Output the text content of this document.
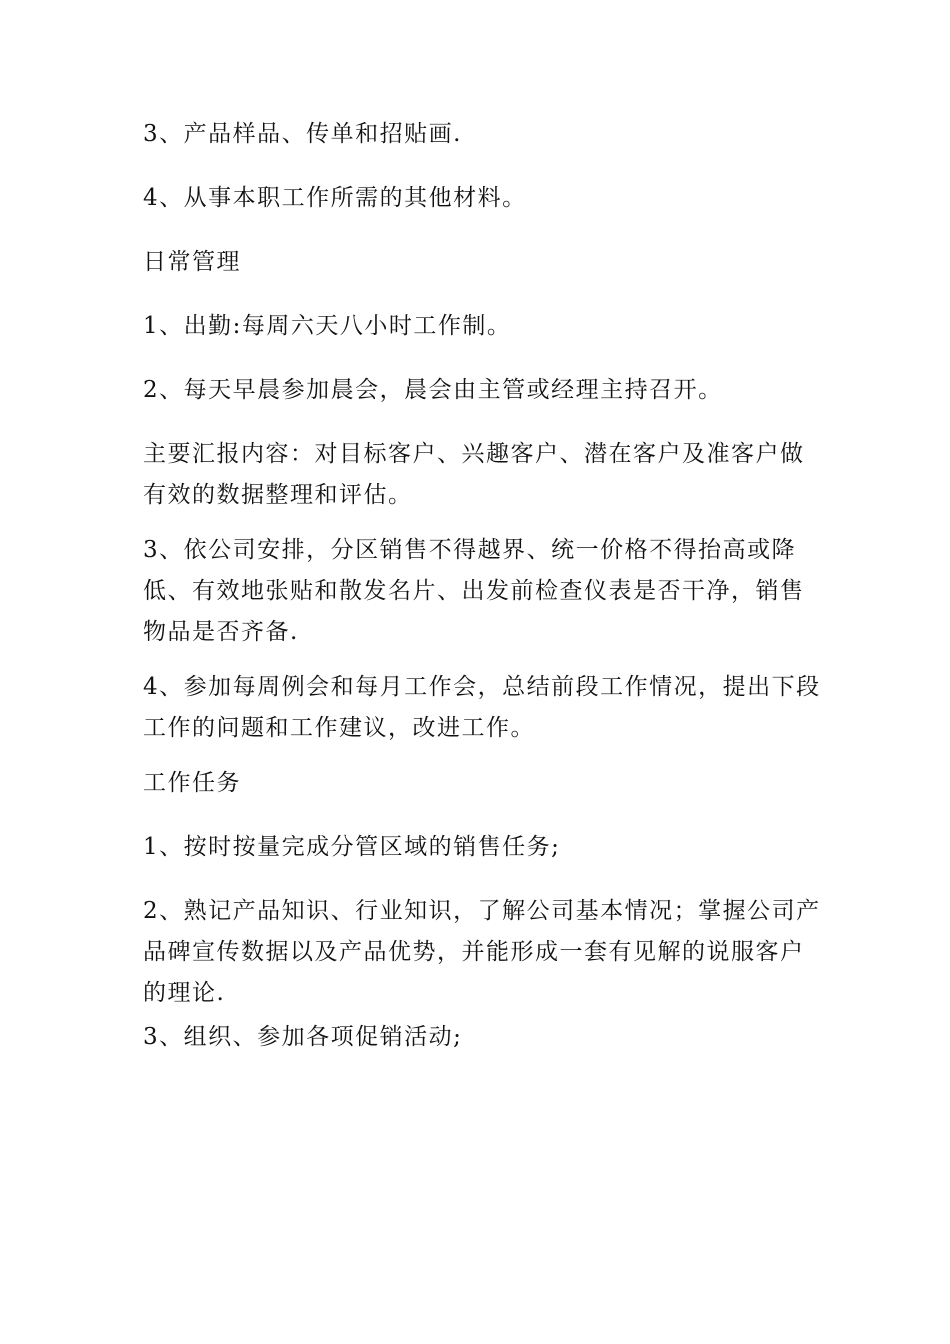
3、产品样品、传单和招贴画.

4、从事本职工作所需的其他材料。

日常管理

1、出勤:每周六天八小时工作制。

2、每天早晨参加晨会，晨会由主管或经理主持召开。

主要汇报内容：对目标客户、兴趣客户、潜在客户及准客户做有效的数据整理和评估。

3、依公司安排，分区销售不得越界、统一价格不得抬高或降低、有效地张贴和散发名片、出发前检查仪表是否干净，销售物品是否齐备.

4、参加每周例会和每月工作会，总结前段工作情况，提出下段工作的问题和工作建议，改进工作。

工作任务

1、按时按量完成分管区域的销售任务;

2、熟记产品知识、行业知识，了解公司基本情况；掌握公司产品碑宣传数据以及产品优势，并能形成一套有见解的说服客户的理论.

3、组织、参加各项促销活动;
